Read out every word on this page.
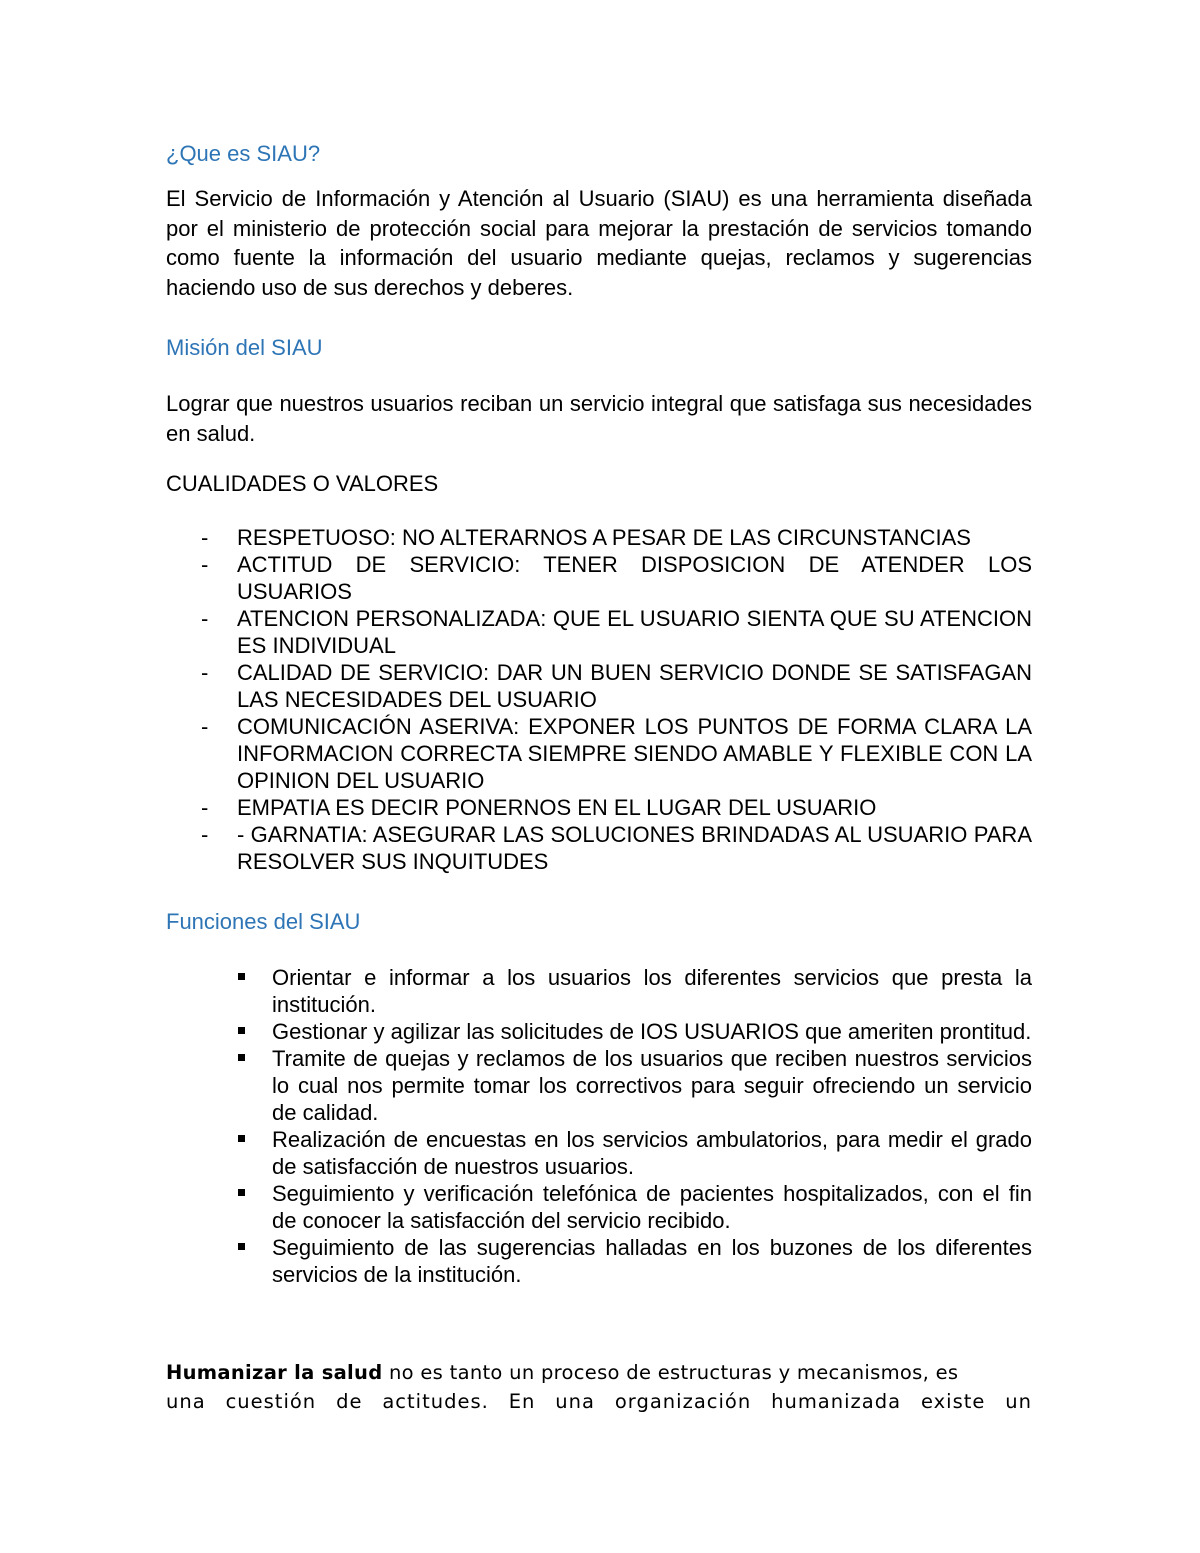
¿Que es SIAU?

El Servicio de Información y Atención al Usuario (SIAU) es una herramienta diseñada por el ministerio de protección social para mejorar la prestación de servicios tomando como fuente la información del usuario mediante quejas, reclamos y sugerencias haciendo uso de sus derechos y deberes.

Misión del SIAU

Lograr que nuestros usuarios reciban un servicio integral que satisfaga sus necesidades en salud.

CUALIDADES O VALORES

- RESPETUOSO: NO ALTERARNOS A PESAR DE LAS CIRCUNSTANCIAS
- ACTITUD DE SERVICIO: TENER DISPOSICION DE ATENDER LOS USUARIOS
- ATENCION PERSONALIZADA: QUE EL USUARIO SIENTA QUE SU ATENCION ES INDIVIDUAL
- CALIDAD DE SERVICIO: DAR UN BUEN SERVICIO DONDE SE SATISFAGAN LAS NECESIDADES DEL USUARIO
- COMUNICACIÓN ASERIVA: EXPONER LOS PUNTOS DE FORMA CLARA LA INFORMACION CORRECTA SIEMPRE SIENDO AMABLE Y FLEXIBLE CON LA OPINION DEL USUARIO
- EMPATIA ES DECIR PONERNOS EN EL LUGAR DEL USUARIO
- - GARNATIA: ASEGURAR LAS SOLUCIONES BRINDADAS AL USUARIO PARA RESOLVER SUS INQUITUDES
Funciones del SIAU
Orientar e informar a los usuarios los diferentes servicios que presta la institución.
Gestionar y agilizar las solicitudes de IOS USUARIOS que ameriten prontitud.
Tramite de quejas y reclamos de los usuarios que reciben nuestros servicios lo cual nos permite tomar los correctivos para seguir ofreciendo un servicio de calidad.
Realización de encuestas en los servicios ambulatorios, para medir el grado de satisfacción de nuestros usuarios.
Seguimiento y verificación telefónica de pacientes hospitalizados, con el fin de conocer la satisfacción del servicio recibido.
Seguimiento de las sugerencias halladas en los buzones de los diferentes servicios de la institución.

Humanizar la salud no es tanto un proceso de estructuras y mecanismos, es
una cuestión de actitudes. En una organización humanizada existe un
